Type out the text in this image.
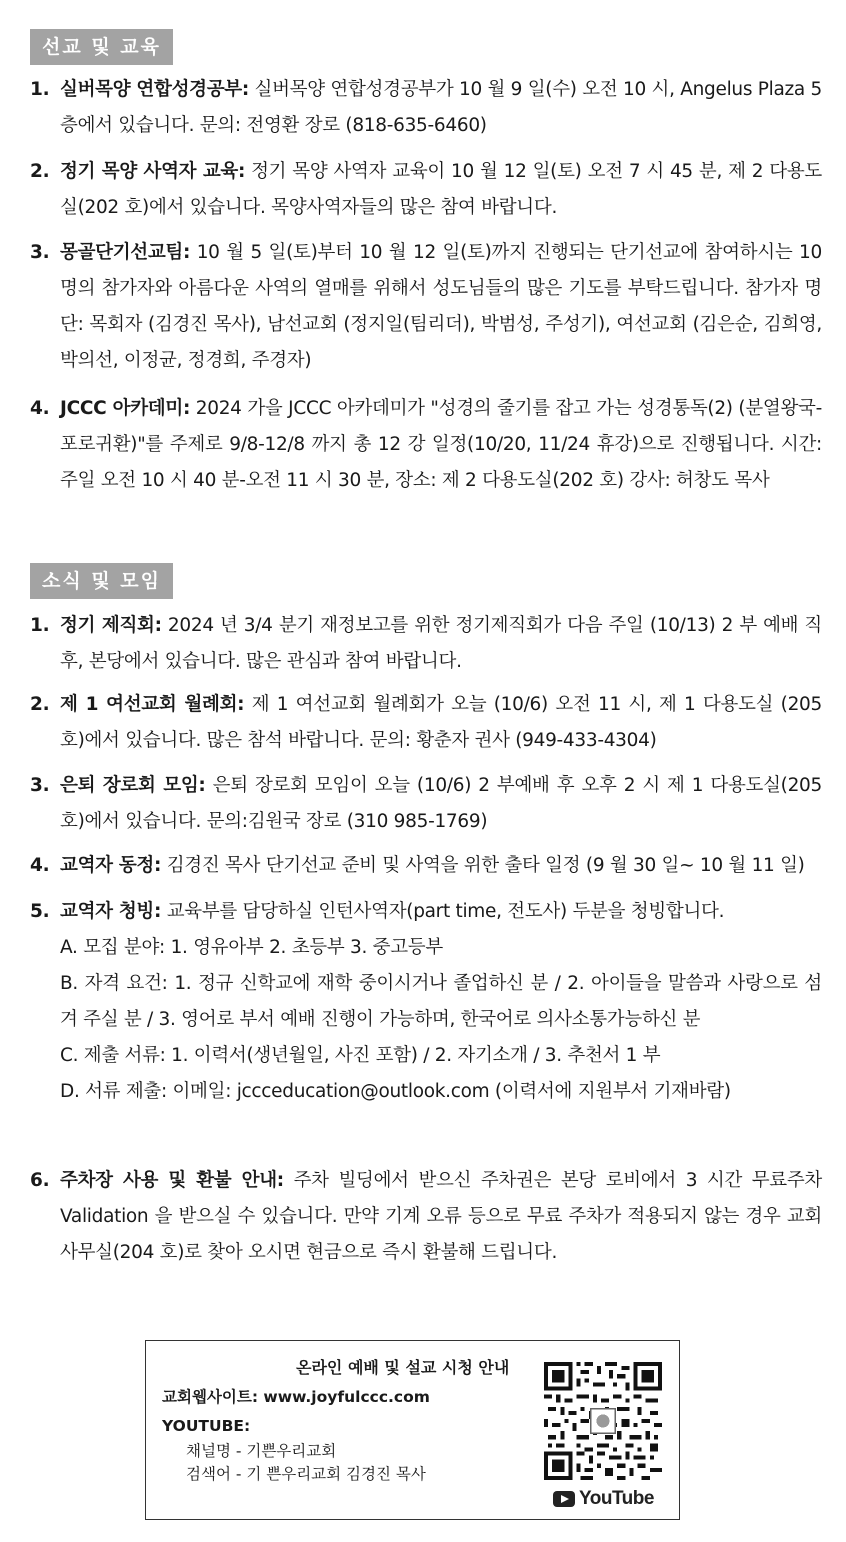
선교 및 교육
1. 실버목양 연합성경공부: 실버목양 연합성경공부가 10 월 9 일(수) 오전 10 시, Angelus Plaza 5 층에서 있습니다. 문의: 전영환 장로 (818-635-6460)
2. 정기 목양 사역자 교육: 정기 목양 사역자 교육이 10 월 12 일(토) 오전 7 시 45 분, 제 2 다용도실(202 호)에서 있습니다. 목양사역자들의 많은 참여 바랍니다.
3. 몽골단기선교팀: 10 월 5 일(토)부터 10 월 12 일(토)까지 진행되는 단기선교에 참여하시는 10 명의 참가자와 아름다운 사역의 열매를 위해서 성도님들의 많은 기도를 부탁드립니다. 참가자 명단: 목회자 (김경진 목사), 남선교회 (정지일(팀리더), 박범성, 주성기), 여선교회 (김은순, 김희영, 박의선, 이정균, 정경희, 주경자)
4. JCCC 아카데미: 2024 가을 JCCC 아카데미가 "성경의 줄기를 잡고 가는 성경통독(2) (분열왕국-포로귀환)"를 주제로 9/8-12/8 까지 총 12 강 일정(10/20, 11/24 휴강)으로 진행됩니다. 시간: 주일 오전 10 시 40 분-오전 11 시 30 분, 장소: 제 2 다용도실(202 호) 강사: 허창도 목사
소식 및 모임
1. 정기 제직회: 2024 년 3/4 분기 재정보고를 위한 정기제직회가 다음 주일 (10/13) 2 부 예배 직후, 본당에서 있습니다. 많은 관심과 참여 바랍니다.
2. 제 1 여선교회 월례회: 제 1 여선교회 월례회가 오늘 (10/6) 오전 11 시, 제 1 다용도실 (205 호)에서 있습니다. 많은 참석 바랍니다. 문의: 황춘자 권사 (949-433-4304)
3. 은퇴 장로회 모임: 은퇴 장로회 모임이 오늘 (10/6) 2 부예배 후 오후 2 시 제 1 다용도실(205 호)에서 있습니다. 문의:김원국 장로 (310 985-1769)
4. 교역자 동정: 김경진 목사 단기선교 준비 및 사역을 위한 출타 일정 (9 월 30 일~ 10 월 11 일)
5. 교역자 청빙: 교육부를 담당하실 인턴사역자(part time, 전도사) 두분을 청빙합니다.
A. 모집 분야: 1. 영유아부 2. 초등부 3. 중고등부
B. 자격 요건: 1. 정규 신학교에 재학 중이시거나 졸업하신 분 / 2. 아이들을 말씀과 사랑으로 섬겨 주실 분 / 3. 영어로 부서 예배 진행이 가능하며, 한국어로 의사소통가능하신 분
C. 제출 서류: 1. 이력서(생년월일, 사진 포함) / 2. 자기소개 / 3. 추천서 1 부
D. 서류 제출: 이메일: jccceducation@outlook.com (이력서에 지원부서 기재바람)
6. 주차장 사용 및 환불 안내: 주차 빌딩에서 받으신 주차권은 본당 로비에서 3 시간 무료주차 Validation 을 받으실 수 있습니다. 만약 기계 오류 등으로 무료 주차가 적용되지 않는 경우 교회 사무실(204 호)로 찾아 오시면 현금으로 즉시 환불해 드립니다.
온라인 예배 및 설교 시청 안내
교회웹사이트: www.joyfulccc.com
YOUTUBE:
채널명 - 기쁜우리교회
검색어 - 기 쁜우리교회 김경진 목사
YouTube
